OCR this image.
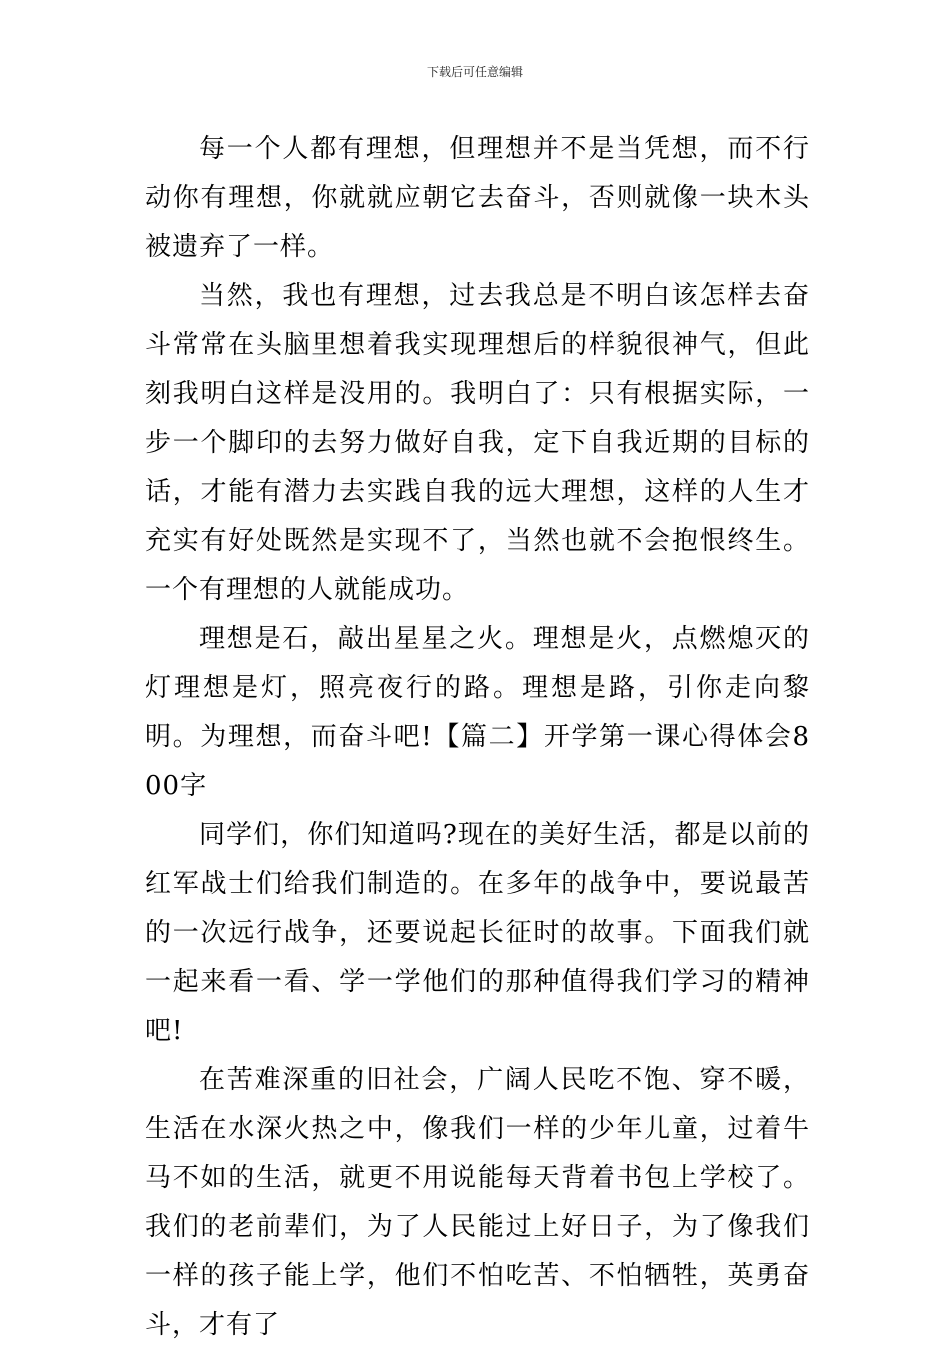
下载后可任意编辑

每一个人都有理想，但理想并不是当凭想，而不行动你有理想，你就就应朝它去奋斗，否则就像一块木头被遗弃了一样。

当然，我也有理想，过去我总是不明白该怎样去奋斗常常在头脑里想着我实现理想后的样貌很神气，但此刻我明白这样是没用的。我明白了：只有根据实际，一步一个脚印的去努力做好自我，定下自我近期的目标的话，才能有潜力去实践自我的远大理想，这样的人生才充实有好处既然是实现不了，当然也就不会抱恨终生。一个有理想的人就能成功。

理想是石，敲出星星之火。理想是火，点燃熄灭的灯理想是灯，照亮夜行的路。理想是路，引你走向黎明。为理想，而奋斗吧!【篇二】开学第一课心得体会800字

同学们，你们知道吗?现在的美好生活，都是以前的红军战士们给我们制造的。在多年的战争中，要说最苦的一次远行战争，还要说起长征时的故事。下面我们就一起来看一看、学一学他们的那种值得我们学习的精神吧!

在苦难深重的旧社会，广阔人民吃不饱、穿不暖，生活在水深火热之中，像我们一样的少年儿童，过着牛马不如的生活，就更不用说能每天背着书包上学校了。我们的老前辈们，为了人民能过上好日子，为了像我们一样的孩子能上学，他们不怕吃苦、不怕牺牲，英勇奋斗，才有了
